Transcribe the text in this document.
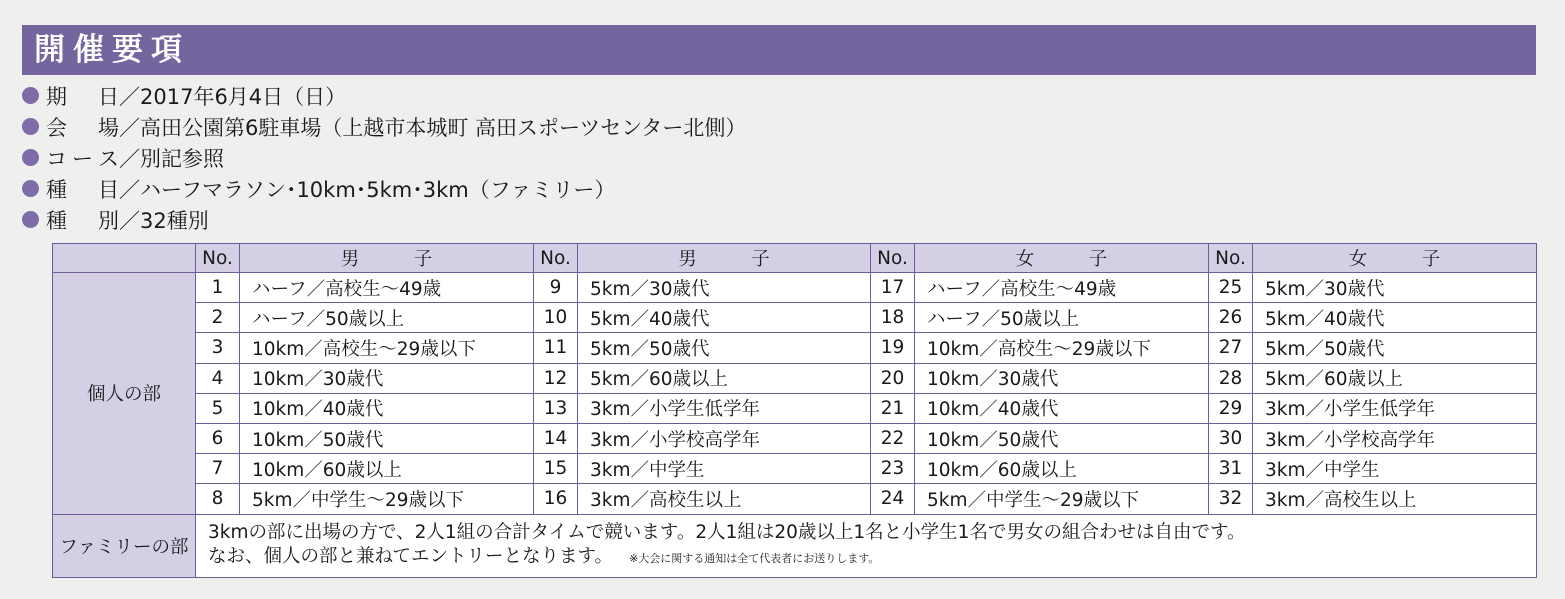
開催要項
期 日 ／2017年6月4日（日）
会 場 ／高田公園第6駐車場（上越市本城町 高田スポーツセンター北側）
コ ー ス ／別記参照
種 目 ／ハーフマラソン･10km･5km･3km（ファミリー）
種 別 ／32種別
	No.	男　子	No.	男　子	No.	女　子	No.	女　子
個人の部	1	ハーフ／高校生～49歳	9	5km／30歳代	17	ハーフ／高校生～49歳	25	5km／30歳代
	2	ハーフ／50歳以上	10	5km／40歳代	18	ハーフ／50歳以上	26	5km／40歳代
	3	10km／高校生～29歳以下	11	5km／50歳代	19	10km／高校生～29歳以下	27	5km／50歳代
	4	10km／30歳代	12	5km／60歳以上	20	10km／30歳代	28	5km／60歳以上
	5	10km／40歳代	13	3km／小学生低学年	21	10km／40歳代	29	3km／小学生低学年
	6	10km／50歳代	14	3km／小学校高学年	22	10km／50歳代	30	3km／小学校高学年
	7	10km／60歳以上	15	3km／中学生	23	10km／60歳以上	31	3km／中学生
	8	5km／中学生～29歳以下	16	3km／高校生以上	24	5km／中学生～29歳以下	32	3km／高校生以上
ファミリーの部	3kmの部に出場の方で、2人1組の合計タイムで競います。2人1組は20歳以上1名と小学生1名で男女の組合わせは自由です。
なお、個人の部と兼ねてエントリーとなります。 ※大会に関する通知は全て代表者にお送りします。							
